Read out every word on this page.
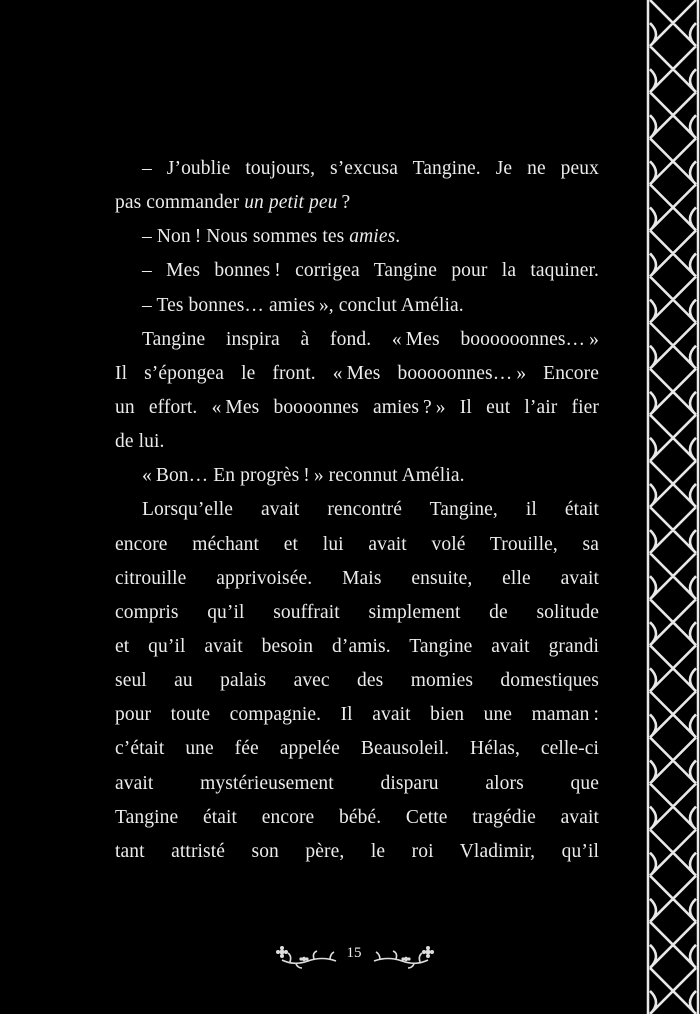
– J’oublie toujours, s’excusa Tangine. Je ne peux
pas commander un petit peu ?
– Non ! Nous sommes tes amies.
– Mes bonnes ! corrigea Tangine pour la taquiner.
– Tes bonnes… amies », conclut Amélia.
Tangine inspira à fond. « Mes boooooonnes… »
Il s’épongea le front. « Mes booooonnes… » Encore
un effort. « Mes boooonnes amies ? » Il eut l’air fier
de lui.
« Bon… En progrès ! » reconnut Amélia.
Lorsqu’elle avait rencontré Tangine, il était
encore méchant et lui avait volé Trouille, sa
citrouille apprivoisée. Mais ensuite, elle avait
compris qu’il souffrait simplement de solitude
et qu’il avait besoin d’amis. Tangine avait grandi
seul au palais avec des momies domestiques
pour toute compagnie. Il avait bien une maman :
c’était une fée appelée Beausoleil. Hélas, celle-ci
avait mystérieusement disparu alors que
Tangine était encore bébé. Cette tragédie avait
tant attristé son père, le roi Vladimir, qu’il
15
